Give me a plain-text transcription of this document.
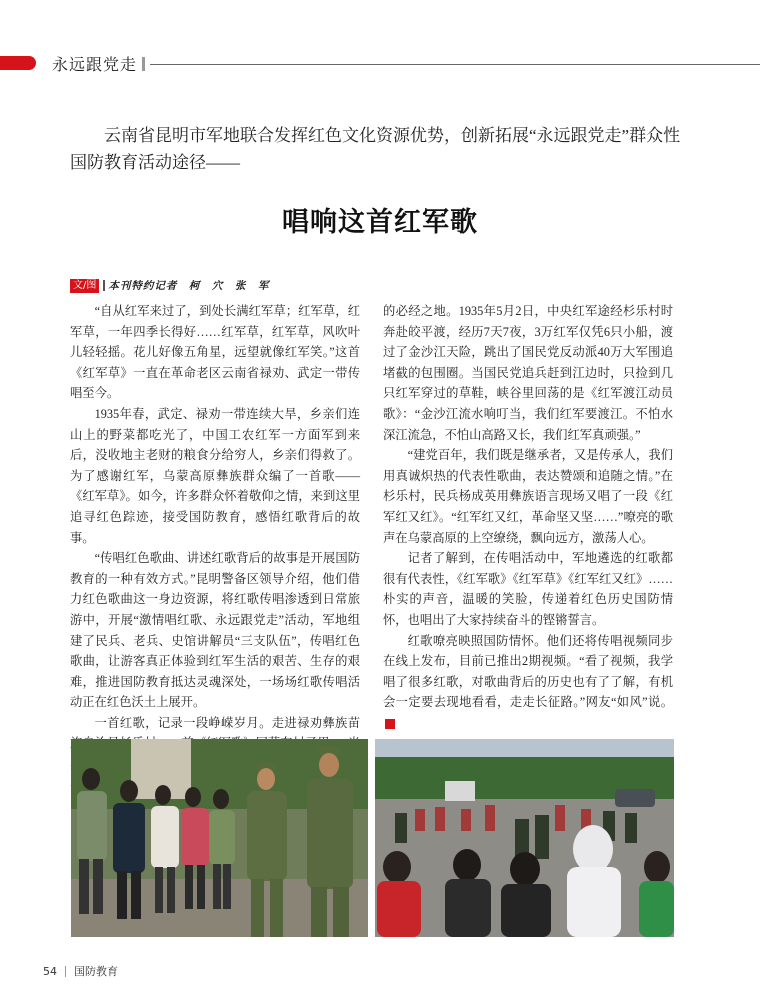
永远跟党走

云南省昆明市军地联合发挥红色文化资源优势，创新拓展“永远跟党走”群众性国防教育活动途径——

唱响这首红军歌
文/图 本刊特约记者　柯　穴　张　军

“自从红军来过了，到处长满红军草；红军草，红军草，一年四季长得好……红军草，红军草，风吹叶儿轻轻摇。花儿好像五角星，远望就像红军笑。”这首《红军草》一直在革命老区云南省禄劝、武定一带传唱至今。

1935年春，武定、禄劝一带连续大旱，乡亲们连山上的野菜都吃光了，中国工农红军一方面军到来后，没收地主老财的粮食分给穷人，乡亲们得救了。为了感谢红军，乌蒙高原彝族群众编了一首歌——《红军草》。如今，许多群众怀着敬仰之情，来到这里追寻红色踪迹，接受国防教育，感悟红歌背后的故事。

“传唱红色歌曲、讲述红歌背后的故事是开展国防教育的一种有效方式。”昆明警备区领导介绍，他们借力红色歌曲这一身边资源，将红歌传唱渗透到日常旅游中，开展“激情唱红歌、永远跟党走”活动，军地组建了民兵、老兵、史馆讲解员“三支队伍”，传唱红色歌曲，让游客真正体验到红军生活的艰苦、生存的艰难，推进国防教育抵达灵魂深处，一场场红歌传唱活动正在红色沃土上展开。

一首红歌，记录一段峥嵘岁月。走进禄劝彝族苗

的必经之地。1935年5月2日，中央红军途经杉乐村时奔赴皎平渡，经历7天7夜，3万红军仅凭6只小船，渡过了金沙江天险，跳出了国民党反动派40万大军围追堵截的包围圈。当国民党追兵赶到江边时，只捡到几只红军穿过的草鞋，峡谷里回荡的是《红军渡江动员歌》：“金沙江流水响叮当，我们红军要渡江。不怕水深江流急，不怕山高路又长，我们红军真顽强。”

“建党百年，我们既是继承者，又是传承人，我们用真诚炽热的代表性歌曲，表达赞颂和追随之情。”在杉乐村，民兵杨成英用彝族语言现场又唱了一段《红军红又红》。“红军红又红，革命坚又坚……”嘹亮的歌声在乌蒙高原的上空缭绕，飘向远方，激荡人心。

记者了解到，在传唱活动中，军地遴选的红歌都很有代表性，《红军歌》《红军草》《红军红又红》……朴实的声音，温暖的笑脸，传递着红色历史国防情怀，也唱出了大家持续奋斗的铿锵誓言。

红歌嘹亮映照国防情怀。他们还将传唱视频同步在线上发布，目前已推出2期视频。“看了视频，我学唱了很多红歌，对歌曲背后的历史也有了了解，有机会一定要去现地看看，走走长征路。”网友“如风”说。G

54 国防教育
